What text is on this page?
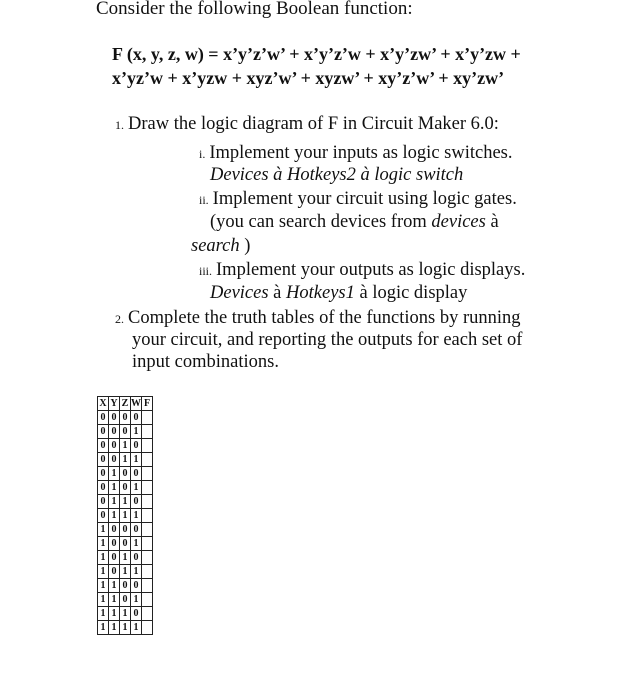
Consider the following Boolean function:
F (x, y, z, w) = x’y’z’w’ + x’y’z’w + x’y’zw’ + x’y’zw +
x’yz’w + x’yzw + xyz’w’ + xyzw’ + xy’z’w’ + xy’zw’
1. Draw the logic diagram of F in Circuit Maker 6.0:
i. Implement your inputs as logic switches.
Devices à Hotkeys2 à logic switch
ii. Implement your circuit using logic gates.
(you can search devices from devices à
search )
iii. Implement your outputs as logic displays.
Devices à Hotkeys1 à logic display
2. Complete the truth tables of the functions by running
your circuit, and reporting the outputs for each set of
input combinations.
X	Y	Z	W	F
0	0	0	0	
0	0	0	1	
0	0	1	0	
0	0	1	1	
0	1	0	0	
0	1	0	1	
0	1	1	0	
0	1	1	1	
1	0	0	0	
1	0	0	1	
1	0	1	0	
1	0	1	1	
1	1	0	0	
1	1	0	1	
1	1	1	0	
1	1	1	1	
